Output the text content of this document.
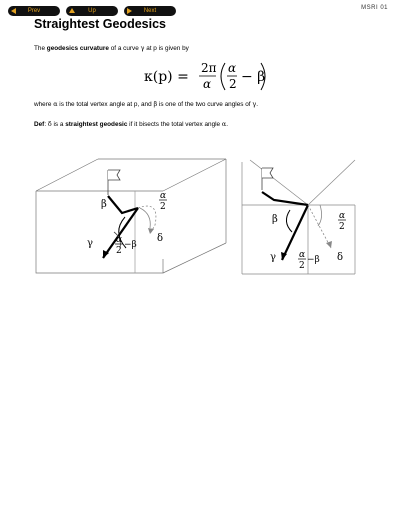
Prev	Up	Next	MSRI 01
Straightest Geodesics
The geodesics curvature of a curve γ at p is given by
κ(p) =
2π
α
α
2 − β
β
γ	δ
α
2
α
2
−β
β
γ	δ
α
2
α
2
−β
where α is the total vertex angle at p, and β is one of the two curve angles of γ.
Def: δ is a straightest geodesic if it bisects the total vertex angle α.
